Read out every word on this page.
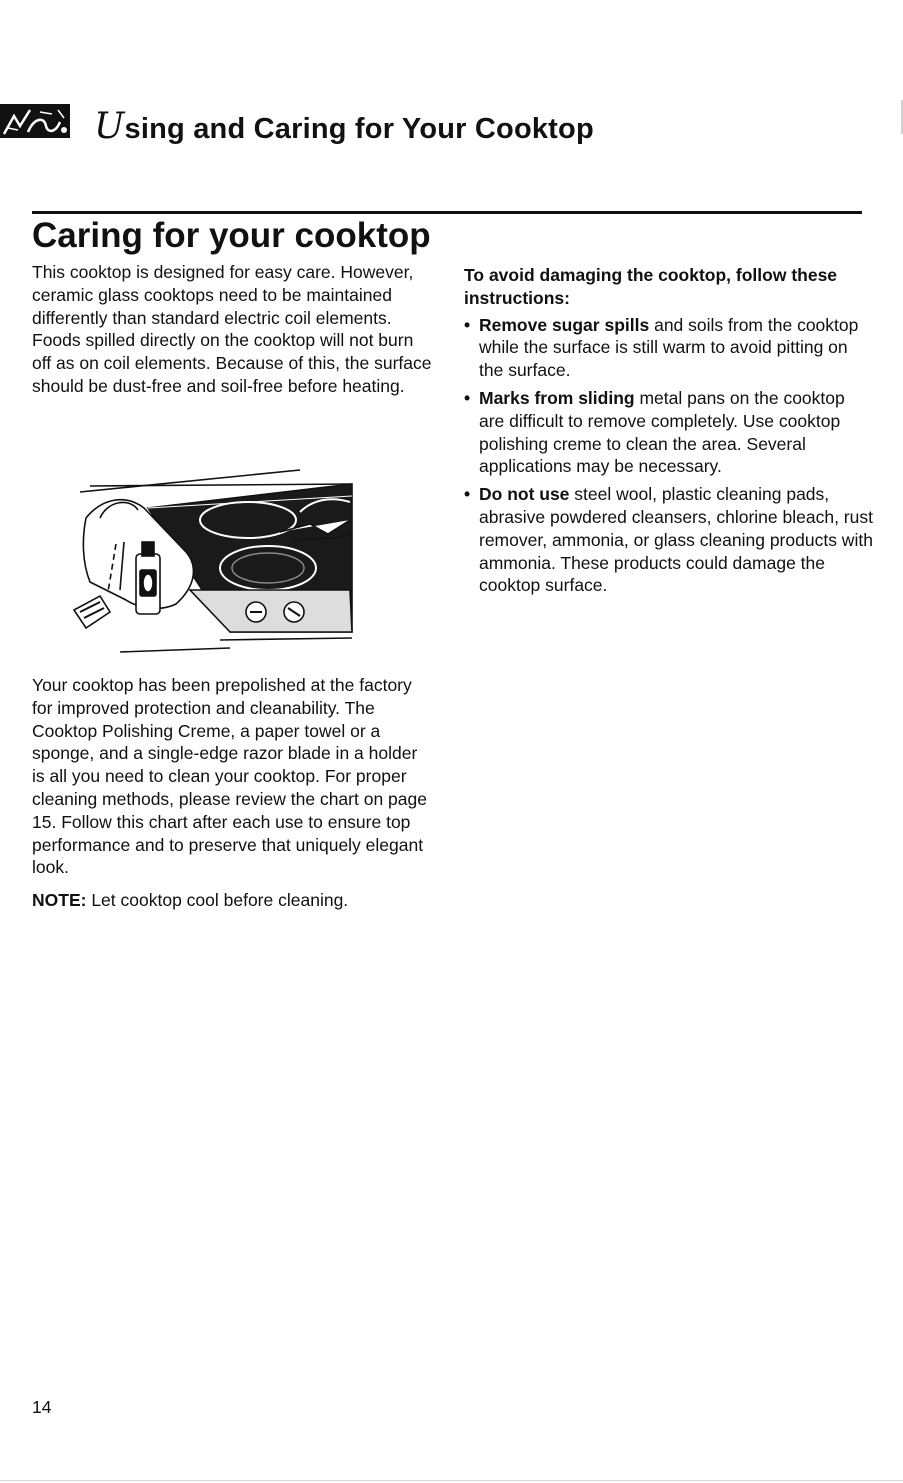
Using and Caring for Your Cooktop
Caring for your cooktop

This cooktop is designed for easy care. However, ceramic glass cooktops need to be maintained differently than standard electric coil elements. Foods spilled directly on the cooktop will not burn off as on coil elements. Because of this, the surface should be dust-free and soil-free before heating.

Your cooktop has been prepolished at the factory for improved protection and cleanability. The Cooktop Polishing Creme, a paper towel or a sponge, and a single-edge razor blade in a holder is all you need to clean your cooktop. For proper cleaning methods, please review the chart on page 15. Follow this chart after each use to ensure top performance and to preserve that uniquely elegant look.

NOTE: Let cooktop cool before cleaning.

To avoid damaging the cooktop, follow these instructions:
• Remove sugar spills and soils from the cooktop while the surface is still warm to avoid pitting on the surface.
• Marks from sliding metal pans on the cooktop are difficult to remove completely. Use cooktop polishing creme to clean the area. Several applications may be necessary.
• Do not use steel wool, plastic cleaning pads, abrasive powdered cleansers, chlorine bleach, rust remover, ammonia, or glass cleaning products with ammonia. These products could damage the cooktop surface.
14
